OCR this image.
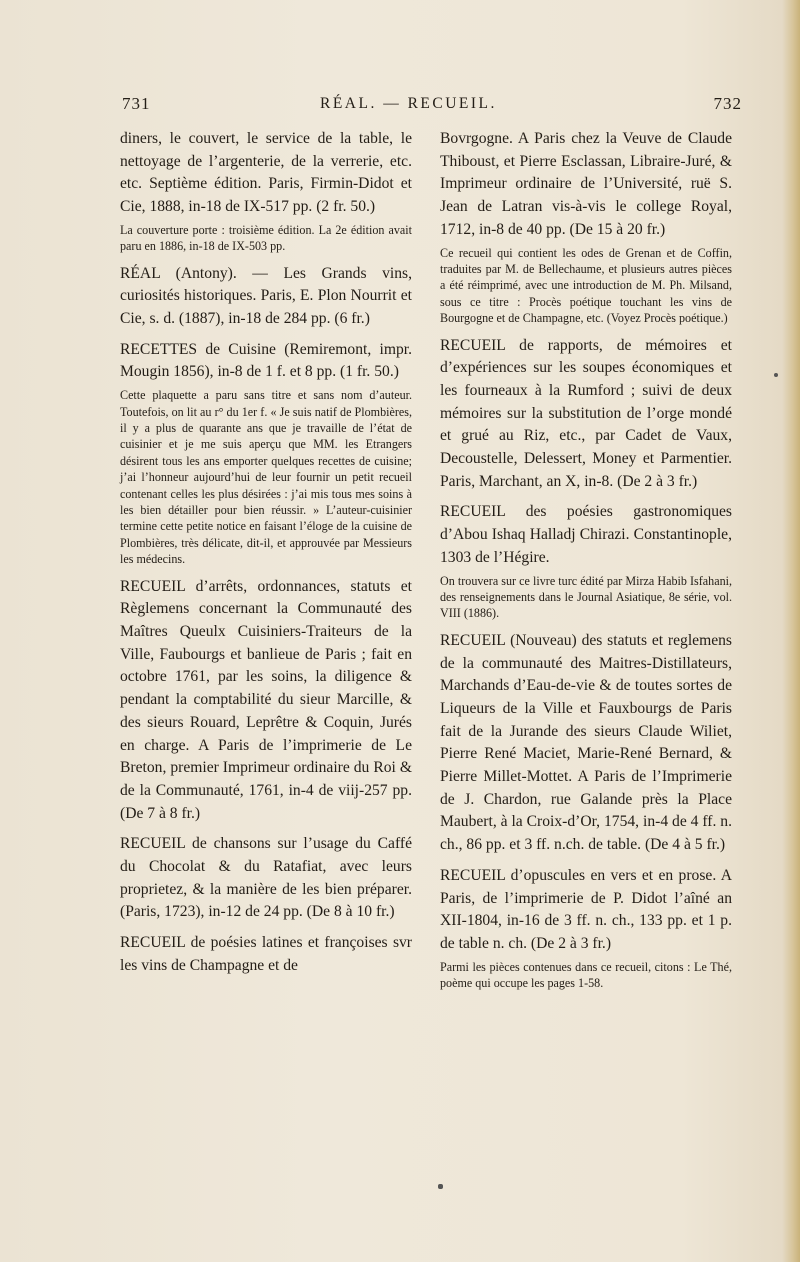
731	RÉAL. — RECUEIL.	732

diners, le couvert, le service de la table, le nettoyage de l’argenterie, de la verrerie, etc. etc. Septième édition. Paris, Firmin-Didot et Cie, 1888, in-18 de IX-517 pp. (2 fr. 50.)

La couverture porte : troisième édition. La 2e édition avait paru en 1886, in-18 de IX-503 pp.

RÉAL (Antony). — Les Grands vins, curiosités historiques. Paris, E. Plon Nourrit et Cie, s. d. (1887), in-18 de 284 pp. (6 fr.)

RECETTES de Cuisine (Remiremont, impr. Mougin 1856), in-8 de 1 f. et 8 pp. (1 fr. 50.)

Cette plaquette a paru sans titre et sans nom d’auteur. Toutefois, on lit au r° du 1er f. « Je suis natif de Plombières, il y a plus de quarante ans que je travaille de l’état de cuisinier et je me suis aperçu que MM. les Etrangers désirent tous les ans emporter quelques recettes de cuisine; j’ai l’honneur aujourd’hui de leur fournir un petit recueil contenant celles les plus désirées : j’ai mis tous mes soins à les bien détailler pour bien réussir. » L’auteur-cuisinier termine cette petite notice en faisant l’éloge de la cuisine de Plombières, très délicate, dit-il, et approuvée par Messieurs les médecins.

RECUEIL d’arrêts, ordonnances, statuts et Règlemens concernant la Communauté des Maîtres Queulx Cuisiniers-Traiteurs de la Ville, Faubourgs et banlieue de Paris ; fait en octobre 1761, par les soins, la diligence & pendant la comptabilité du sieur Marcille, & des sieurs Rouard, Leprêtre & Coquin, Jurés en charge. A Paris de l’imprimerie de Le Breton, premier Imprimeur ordinaire du Roi & de la Communauté, 1761, in-4 de viij-257 pp. (De 7 à 8 fr.)

RECUEIL de chansons sur l’usage du Caffé du Chocolat & du Ratafiat, avec leurs proprietez, & la manière de les bien préparer. (Paris, 1723), in-12 de 24 pp. (De 8 à 10 fr.)

RECUEIL de poésies latines et françoises svr les vins de Champagne et de

Bovrgogne. A Paris chez la Veuve de Claude Thiboust, et Pierre Esclassan, Libraire-Juré, & Imprimeur ordinaire de l’Université, ruë S. Jean de Latran vis-à-vis le college Royal, 1712, in-8 de 40 pp. (De 15 à 20 fr.)

Ce recueil qui contient les odes de Grenan et de Coffin, traduites par M. de Bellechaume, et plusieurs autres pièces a été réimprimé, avec une introduction de M. Ph. Milsand, sous ce titre : Procès poétique touchant les vins de Bourgogne et de Champagne, etc. (Voyez Procès poétique.)

RECUEIL de rapports, de mémoires et d’expériences sur les soupes économiques et les fourneaux à la Rumford ; suivi de deux mémoires sur la substitution de l’orge mondé et grué au Riz, etc., par Cadet de Vaux, Decoustelle, Delessert, Money et Parmentier. Paris, Marchant, an X, in-8. (De 2 à 3 fr.)

RECUEIL des poésies gastronomiques d’Abou Ishaq Halladj Chirazi. Constantinople, 1303 de l’Hégire.

On trouvera sur ce livre turc édité par Mirza Habib Isfahani, des renseignements dans le Journal Asiatique, 8e série, vol. VIII (1886).

RECUEIL (Nouveau) des statuts et reglemens de la communauté des Maitres-Distillateurs, Marchands d’Eau-de-vie & de toutes sortes de Liqueurs de la Ville et Fauxbourgs de Paris fait de la Jurande des sieurs Claude Wiliet, Pierre René Maciet, Marie-René Bernard, & Pierre Millet-Mottet. A Paris de l’Imprimerie de J. Chardon, rue Galande près la Place Maubert, à la Croix-d’Or, 1754, in-4 de 4 ff. n. ch., 86 pp. et 3 ff. n.ch. de table. (De 4 à 5 fr.)

RECUEIL d’opuscules en vers et en prose. A Paris, de l’imprimerie de P. Didot l’aîné an XII-1804, in-16 de 3 ff. n. ch., 133 pp. et 1 p. de table n. ch. (De 2 à 3 fr.)

Parmi les pièces contenues dans ce recueil, citons : Le Thé, poème qui occupe les pages 1-58.
